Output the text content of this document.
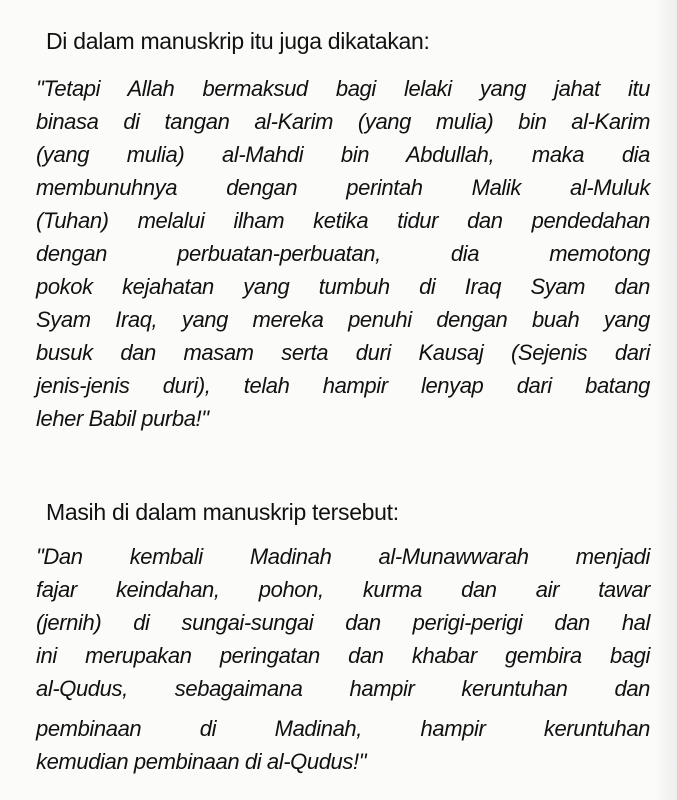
Di dalam manuskrip itu juga dikatakan:
"Tetapi Allah bermaksud bagi lelaki yang jahat itu
binasa di tangan al-Karim (yang mulia) bin al-Karim
(yang mulia) al-Mahdi bin Abdullah, maka dia
membunuhnya dengan perintah Malik al-Muluk
(Tuhan) melalui ilham ketika tidur dan pendedahan
dengan perbuatan-perbuatan, dia memotong
pokok kejahatan yang tumbuh di Iraq Syam dan
Syam Iraq, yang mereka penuhi dengan buah yang
busuk dan masam serta duri Kausaj (Sejenis dari
jenis-jenis duri), telah hampir lenyap dari batang
leher Babil purba!"
Masih di dalam manuskrip tersebut:
"Dan kembali Madinah al-Munawwarah menjadi
fajar keindahan, pohon, kurma dan air tawar
(jernih) di sungai-sungai dan perigi-perigi dan hal
ini merupakan peringatan dan khabar gembira bagi
al-Qudus, sebagaimana hampir keruntuhan dan
pembinaan di Madinah, hampir keruntuhan
kemudian pembinaan di al-Qudus!"
